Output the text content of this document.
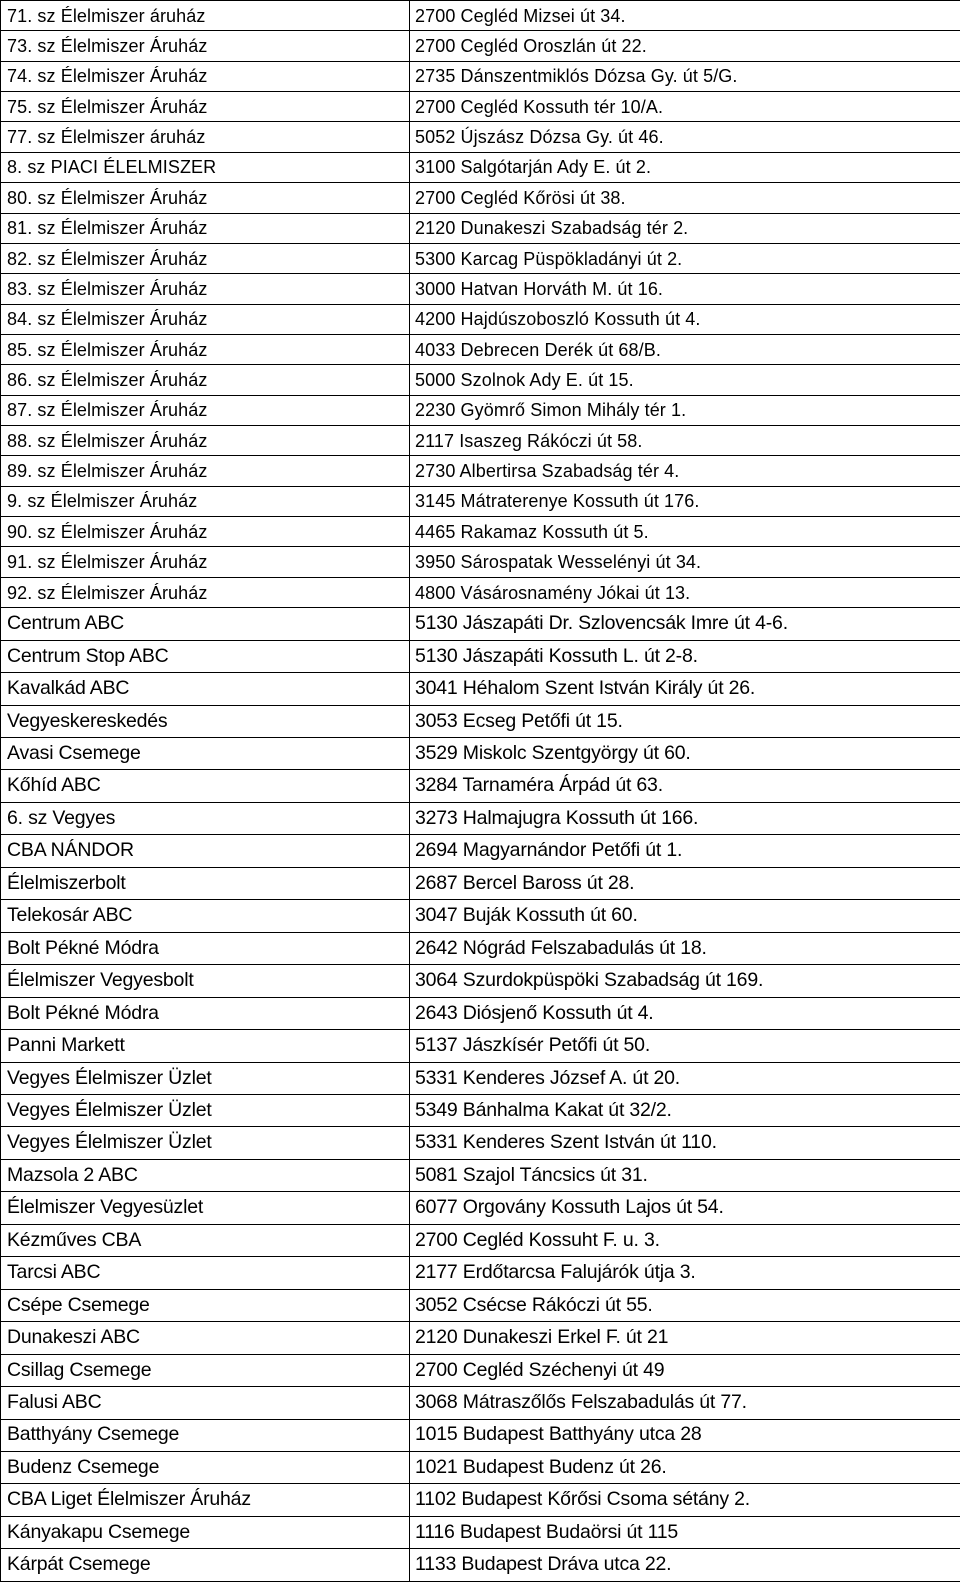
71. sz Élelmiszer áruház	2700 Cegléd Mizsei út 34.
73. sz Élelmiszer Áruház	2700 Cegléd Oroszlán út 22.
74. sz Élelmiszer Áruház	2735 Dánszentmiklós Dózsa Gy. út 5/G.
75. sz Élelmiszer Áruház	2700 Cegléd Kossuth tér 10/A.
77. sz Élelmiszer áruház	5052 Újszász Dózsa Gy. út 46.
8. sz PIACI ÉLELMISZER	3100 Salgótarján Ady E. út 2.
80. sz Élelmiszer Áruház	2700 Cegléd Kőrösi út 38.
81. sz Élelmiszer Áruház	2120 Dunakeszi Szabadság tér 2.
82. sz Élelmiszer Áruház	5300 Karcag Püspökladányi út 2.
83. sz Élelmiszer Áruház	3000 Hatvan Horváth M. út 16.
84. sz Élelmiszer Áruház	4200 Hajdúszoboszló Kossuth út 4.
85. sz Élelmiszer Áruház	4033 Debrecen Derék út 68/B.
86. sz Élelmiszer Áruház	5000 Szolnok Ady E. út 15.
87. sz Élelmiszer Áruház	2230 Gyömrő Simon Mihály tér 1.
88. sz Élelmiszer Áruház	2117 Isaszeg Rákóczi út 58.
89. sz Élelmiszer Áruház	2730 Albertirsa Szabadság tér 4.
9. sz Élelmiszer Áruház	3145 Mátraterenye Kossuth út 176.
90. sz Élelmiszer Áruház	4465 Rakamaz Kossuth út 5.
91. sz Élelmiszer Áruház	3950 Sárospatak Wesselényi út 34.
92. sz Élelmiszer Áruház	4800 Vásárosnamény Jókai út 13.
Centrum ABC	5130 Jászapáti Dr. Szlovencsák Imre út 4-6.
Centrum Stop ABC	5130 Jászapáti Kossuth L. út 2-8.
Kavalkád ABC	3041 Héhalom Szent István Király út 26.
Vegyeskereskedés	3053 Ecseg Petőfi út 15.
Avasi Csemege	3529 Miskolc Szentgyörgy út 60.
Kőhíd ABC	3284 Tarnaméra Árpád út 63.
6. sz Vegyes	3273 Halmajugra Kossuth út 166.
CBA NÁNDOR	2694 Magyarnándor Petőfi út 1.
Élelmiszerbolt	2687 Bercel Baross út 28.
Telekosár ABC	3047 Buják Kossuth út 60.
Bolt Pékné Módra	2642 Nógrád Felszabadulás út 18.
Élelmiszer Vegyesbolt	3064 Szurdokpüspöki Szabadság út 169.
Bolt Pékné Módra	2643 Diósjenő Kossuth út 4.
Panni Markett	5137 Jászkísér Petőfi út 50.
Vegyes Élelmiszer Üzlet	5331 Kenderes József A. út 20.
Vegyes Élelmiszer Üzlet	5349 Bánhalma Kakat út 32/2.
Vegyes Élelmiszer Üzlet	5331 Kenderes Szent István út 110.
Mazsola 2 ABC	5081 Szajol Táncsics út 31.
Élelmiszer Vegyesüzlet	6077 Orgovány Kossuth Lajos út 54.
Kézműves CBA	2700 Cegléd Kossuht F. u. 3.
Tarcsi ABC	2177 Erdőtarcsa Falujárók útja 3.
Csépe Csemege	3052 Csécse Rákóczi út 55.
Dunakeszi ABC	2120 Dunakeszi Erkel F. út 21
Csillag Csemege	2700 Cegléd Széchenyi út 49
Falusi ABC	3068 Mátraszőlős Felszabadulás út 77.
Batthyány Csemege	1015 Budapest Batthyány utca 28
Budenz Csemege	1021 Budapest Budenz út 26.
CBA Liget Élelmiszer Áruház	1102 Budapest Kőrősi Csoma sétány 2.
Kányakapu Csemege	1116 Budapest Budaörsi út 115
Kárpát Csemege	1133 Budapest Dráva utca 22.
